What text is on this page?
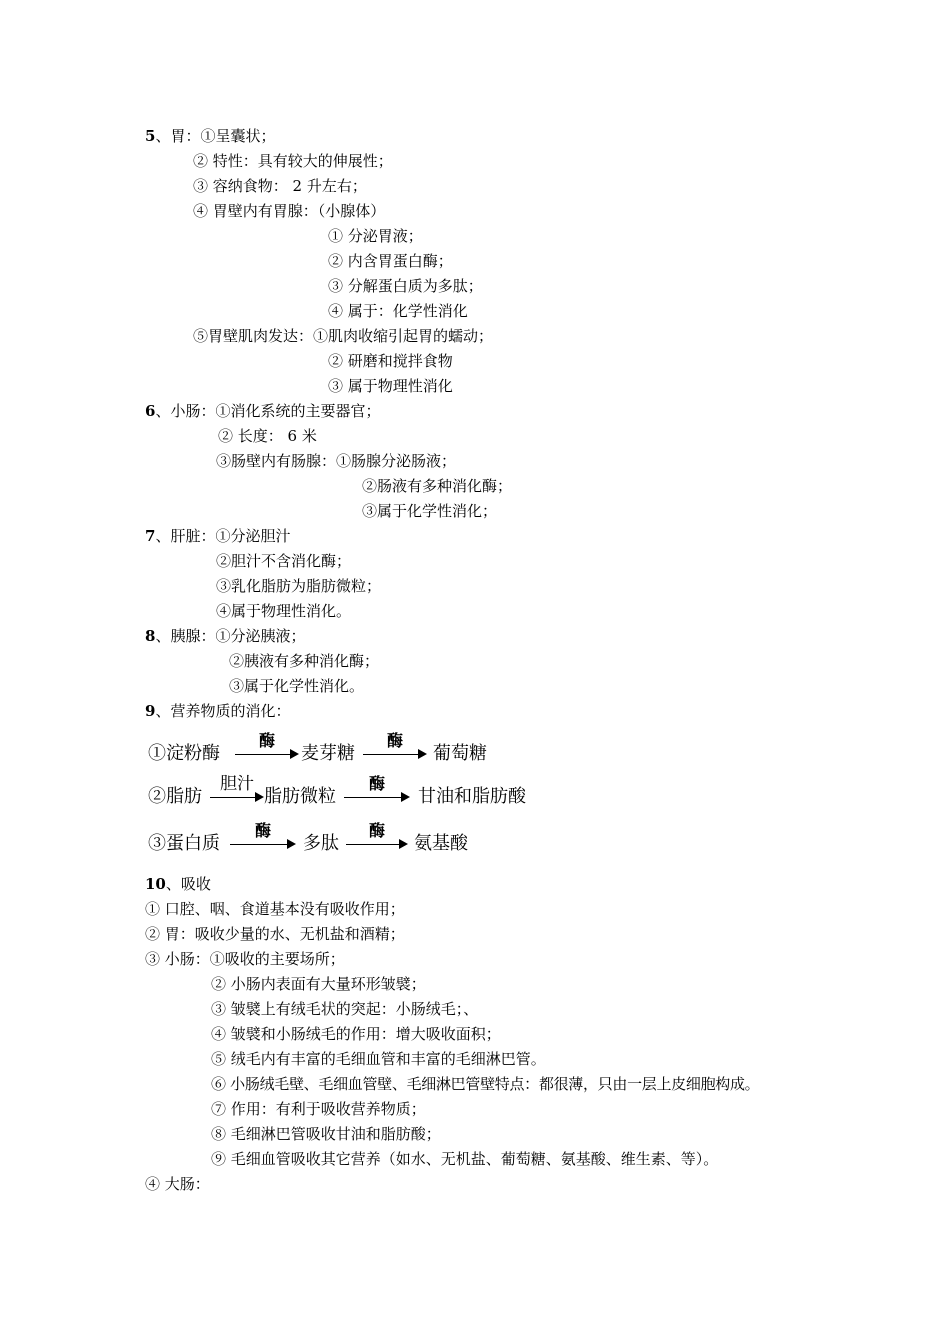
5、胃：①呈囊状；
② 特性：具有较大的伸展性；
③ 容纳食物： 2 升左右；
④ 胃壁内有胃腺：（小腺体）
① 分泌胃液；
② 内含胃蛋白酶；
③ 分解蛋白质为多肽；
④ 属于：化学性消化
⑤胃壁肌肉发达：①肌肉收缩引起胃的蠕动；
② 研磨和搅拌食物
③ 属于物理性消化
6、小肠：①消化系统的主要器官；
② 长度： 6 米
③肠壁内有肠腺：①肠腺分泌肠液；
②肠液有多种消化酶；
③属于化学性消化；
7、肝脏：①分泌胆汁
②胆汁不含消化酶；
③乳化脂肪为脂肪微粒；
④属于物理性消化。
8、胰腺：①分泌胰液；
②胰液有多种消化酶；
③属于化学性消化。
9、营养物质的消化：
①淀粉酶
酶
麦芽糖
酶
葡萄糖
②脂肪
胆汁
脂肪微粒
酶
甘油和脂肪酸
③蛋白质
酶
多肽
酶
氨基酸
10、吸收
① 口腔、咽、食道基本没有吸收作用；
② 胃：吸收少量的水、无机盐和酒精；
③ 小肠：①吸收的主要场所；
② 小肠内表面有大量环形皱襞；
③ 皱襞上有绒毛状的突起：小肠绒毛；、
④ 皱襞和小肠绒毛的作用：增大吸收面积；
⑤ 绒毛内有丰富的毛细血管和丰富的毛细淋巴管。
⑥ 小肠绒毛壁、毛细血管壁、毛细淋巴管壁特点：都很薄，只由一层上皮细胞构成。
⑦ 作用：有利于吸收营养物质；
⑧ 毛细淋巴管吸收甘油和脂肪酸；
⑨ 毛细血管吸收其它营养（如水、无机盐、葡萄糖、氨基酸、维生素、等）。
④ 大肠：
